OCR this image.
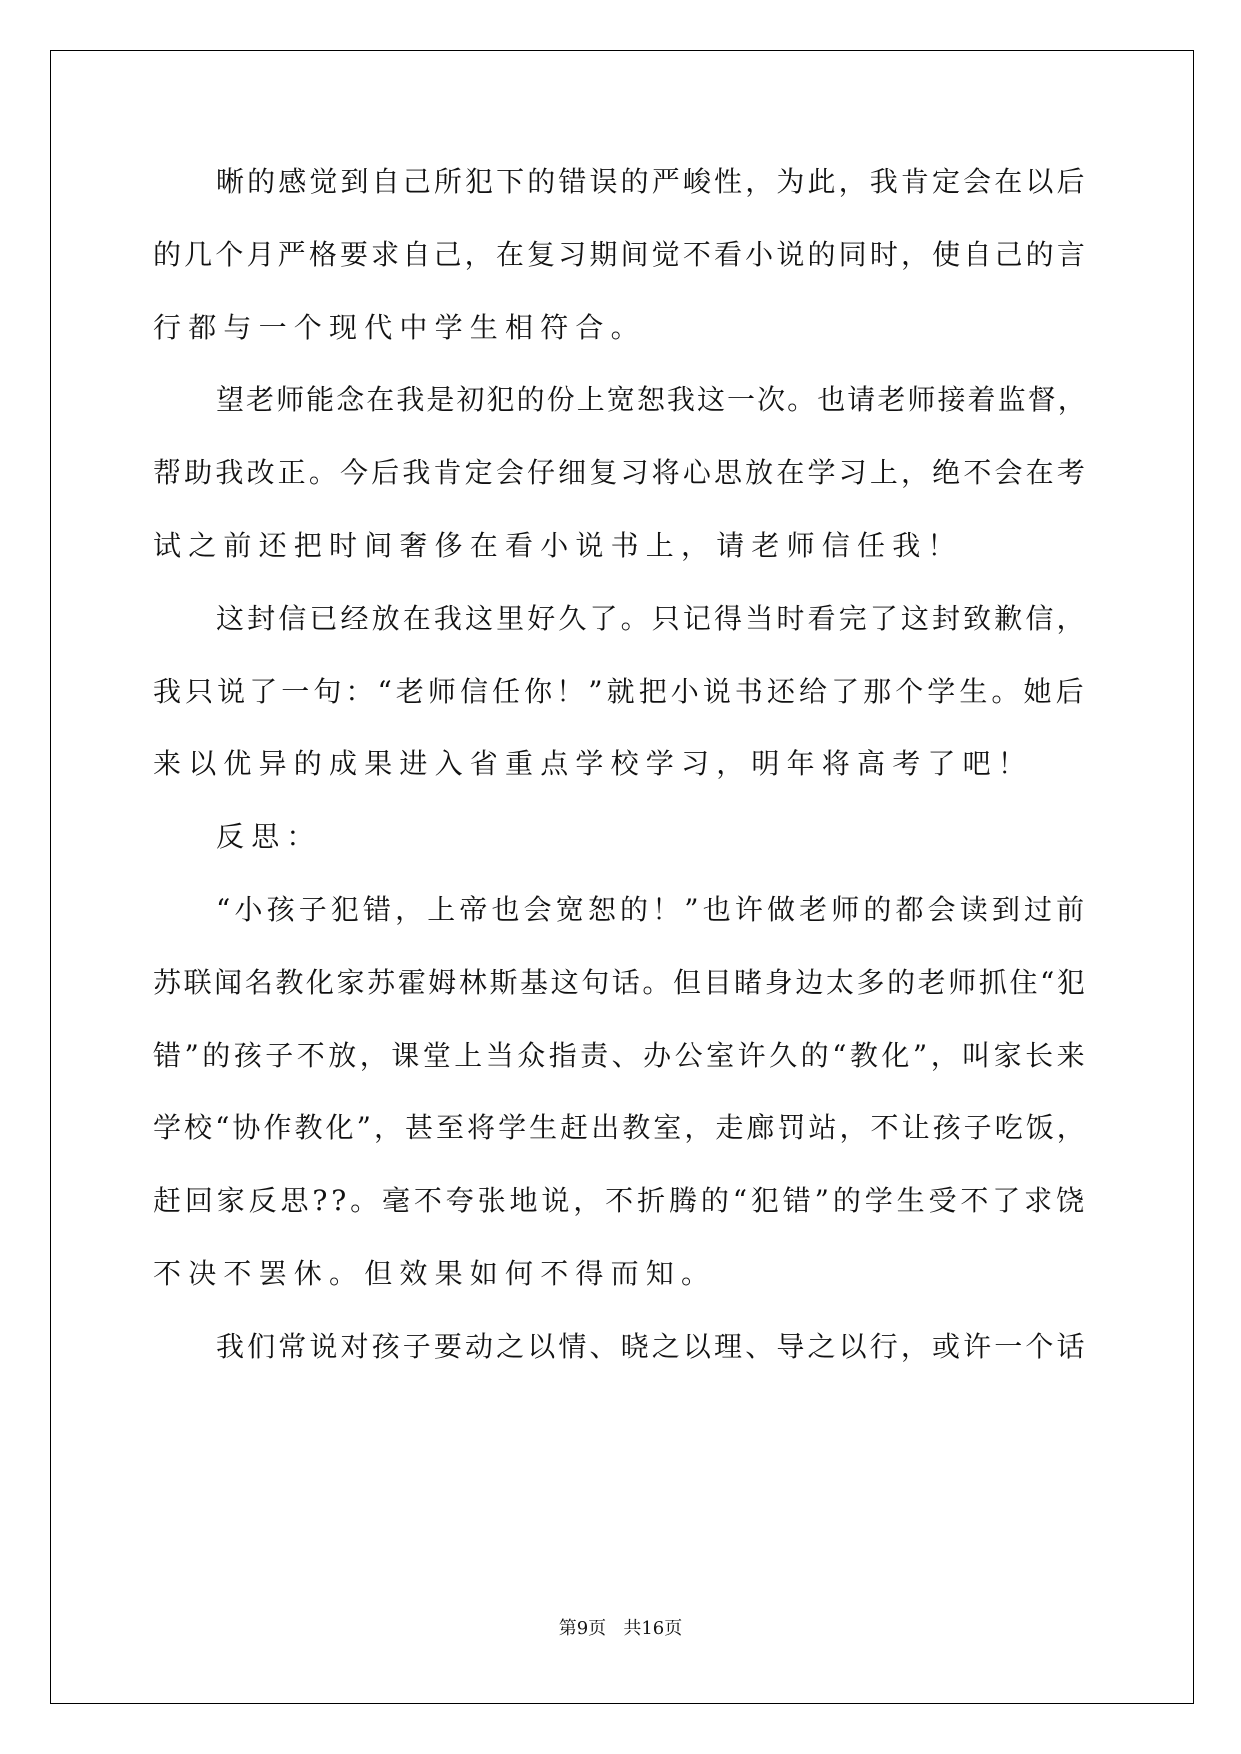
晰的感觉到自己所犯下的错误的严峻性，为此，我肯定会在以后
的几个月严格要求自己，在复习期间觉不看小说的同时，使自己的言
行都与一个现代中学生相符合。
望老师能念在我是初犯的份上宽恕我这一次。也请老师接着监督，
帮助我改正。今后我肯定会仔细复习将心思放在学习上，绝不会在考
试之前还把时间奢侈在看小说书上，请老师信任我！
这封信已经放在我这里好久了。只记得当时看完了这封致歉信，
我只说了一句：“老师信任你！”就把小说书还给了那个学生。她后
来以优异的成果进入省重点学校学习，明年将高考了吧！
反思：
“小孩子犯错，上帝也会宽恕的！”也许做老师的都会读到过前
苏联闻名教化家苏霍姆林斯基这句话。但目睹身边太多的老师抓住“犯
错”的孩子不放，课堂上当众指责、办公室许久的“教化”，叫家长来
学校“协作教化”，甚至将学生赶出教室，走廊罚站，不让孩子吃饭，
赶回家反思??。毫不夸张地说，不折腾的“犯错”的学生受不了求饶
不决不罢休。但效果如何不得而知。
我们常说对孩子要动之以情、晓之以理、导之以行，或许一个话
第9页 共16页
